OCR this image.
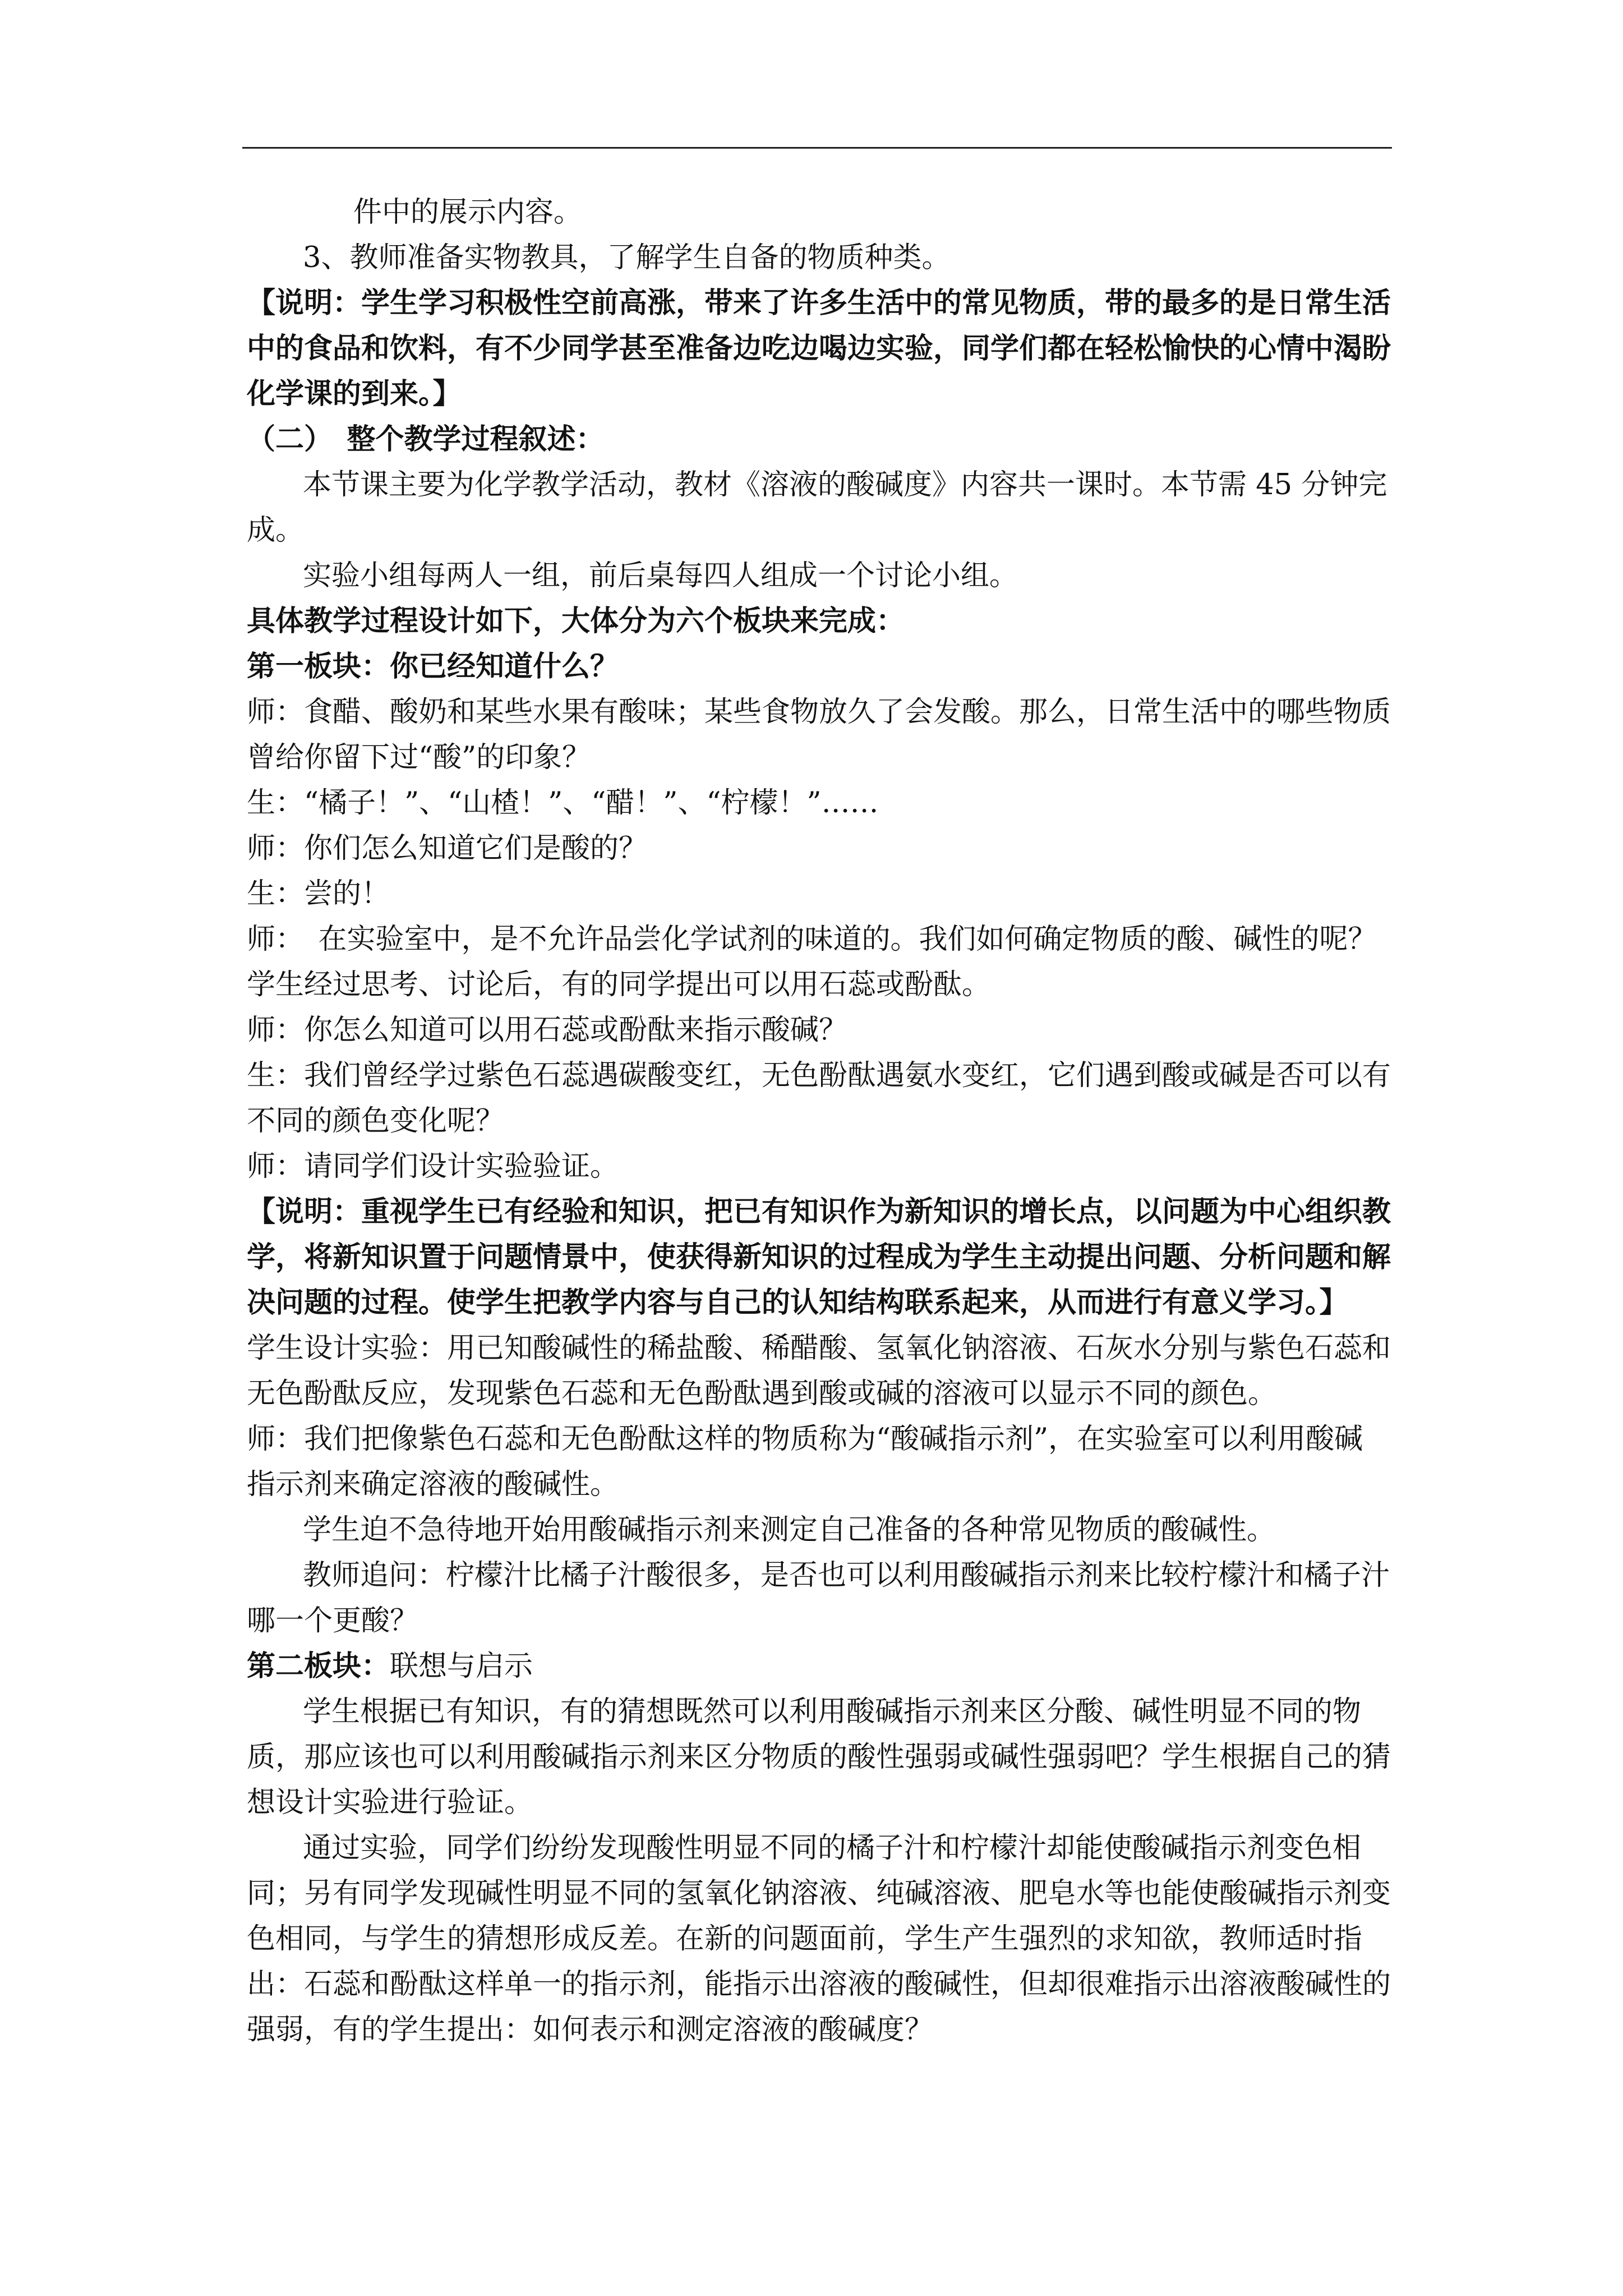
件中的展示内容。

3、教师准备实物教具，了解学生自备的物质种类。

【说明：学生学习积极性空前高涨，带来了许多生活中的常见物质，带的最多的是日常生活中的食品和饮料，有不少同学甚至准备边吃边喝边实验，同学们都在轻松愉快的心情中渴盼化学课的到来。】

（二）　整个教学过程叙述：

本节课主要为化学教学活动，教材《溶液的酸碱度》内容共一课时。本节需 45 分钟完成。

实验小组每两人一组，前后桌每四人组成一个讨论小组。

具体教学过程设计如下，大体分为六个板块来完成：

第一板块：你已经知道什么？

师：食醋、酸奶和某些水果有酸味；某些食物放久了会发酸。那么，日常生活中的哪些物质曾给你留下过“酸”的印象？

生：“橘子！”、“山楂！”、“醋！”、“柠檬！”……

师：你们怎么知道它们是酸的？

生：尝的！

师：　在实验室中，是不允许品尝化学试剂的味道的。我们如何确定物质的酸、碱性的呢？学生经过思考、讨论后，有的同学提出可以用石蕊或酚酞。

师：你怎么知道可以用石蕊或酚酞来指示酸碱？

生：我们曾经学过紫色石蕊遇碳酸变红，无色酚酞遇氨水变红，它们遇到酸或碱是否可以有不同的颜色变化呢？

师：请同学们设计实验验证。

【说明：重视学生已有经验和知识，把已有知识作为新知识的增长点，以问题为中心组织教学，将新知识置于问题情景中，使获得新知识的过程成为学生主动提出问题、分析问题和解决问题的过程。使学生把教学内容与自己的认知结构联系起来，从而进行有意义学习。】

学生设计实验：用已知酸碱性的稀盐酸、稀醋酸、氢氧化钠溶液、石灰水分别与紫色石蕊和无色酚酞反应，发现紫色石蕊和无色酚酞遇到酸或碱的溶液可以显示不同的颜色。

师：我们把像紫色石蕊和无色酚酞这样的物质称为“酸碱指示剂”，在实验室可以利用酸碱指示剂来确定溶液的酸碱性。

学生迫不急待地开始用酸碱指示剂来测定自己准备的各种常见物质的酸碱性。

教师追问：柠檬汁比橘子汁酸很多，是否也可以利用酸碱指示剂来比较柠檬汁和橘子汁哪一个更酸？

第二板块：联想与启示

学生根据已有知识，有的猜想既然可以利用酸碱指示剂来区分酸、碱性明显不同的物质，那应该也可以利用酸碱指示剂来区分物质的酸性强弱或碱性强弱吧？学生根据自己的猜想设计实验进行验证。

通过实验，同学们纷纷发现酸性明显不同的橘子汁和柠檬汁却能使酸碱指示剂变色相同；另有同学发现碱性明显不同的氢氧化钠溶液、纯碱溶液、肥皂水等也能使酸碱指示剂变色相同，与学生的猜想形成反差。在新的问题面前，学生产生强烈的求知欲，教师适时指出：石蕊和酚酞这样单一的指示剂，能指示出溶液的酸碱性，但却很难指示出溶液酸碱性的强弱，有的学生提出：如何表示和测定溶液的酸碱度？
